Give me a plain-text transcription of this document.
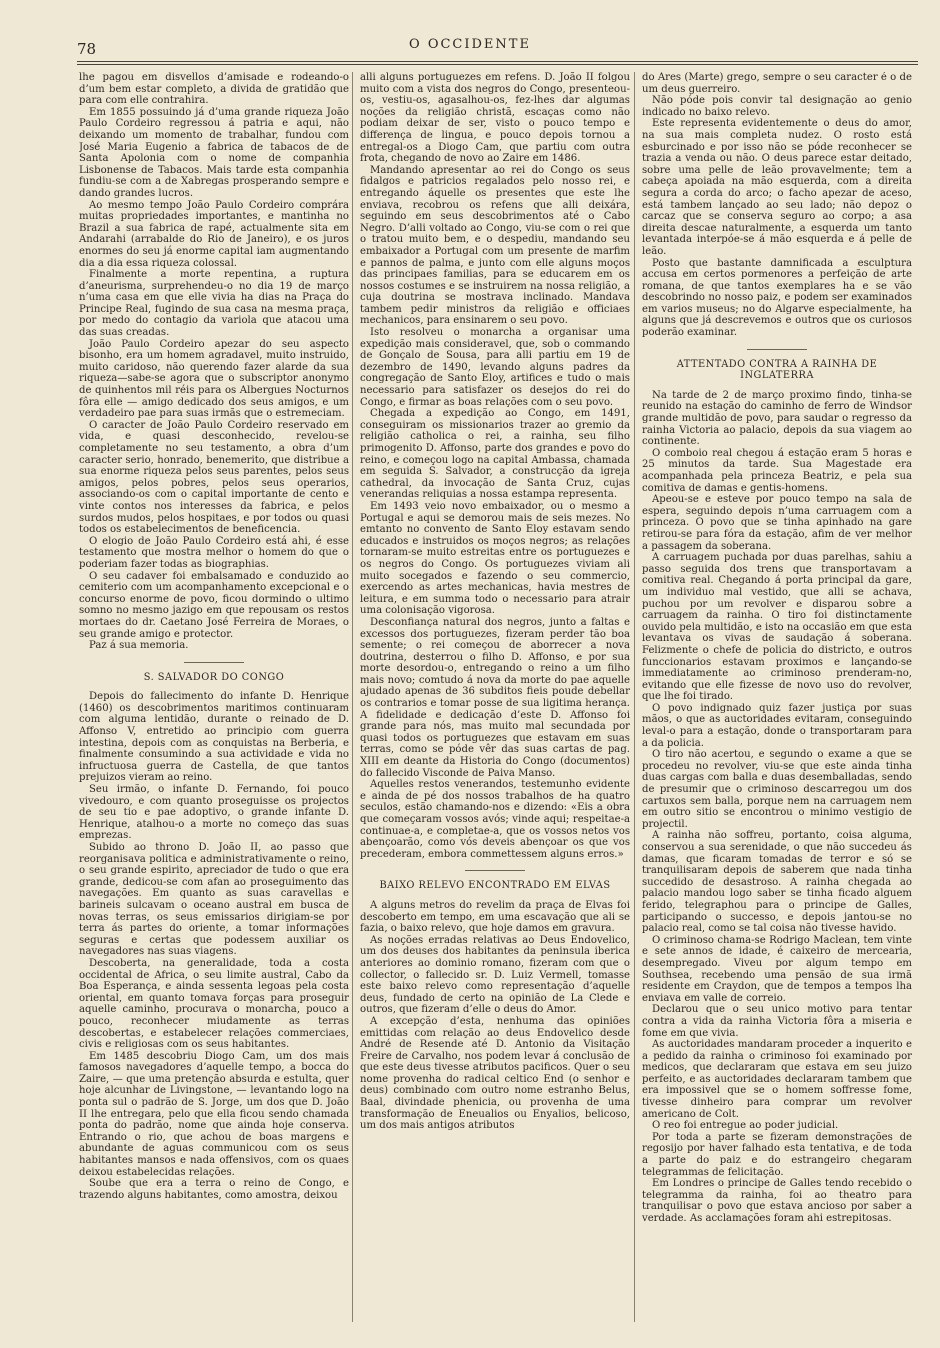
78	O OCCIDENTE

lhe pagou em disvellos d’amisade e rodeando-o d’um bem estar completo, a divida de gratidão que para com elle contrahira.

Em 1855 possuindo já d’uma grande riqueza João Paulo Cordeiro regressou á patria e aqui, não deixando um momento de trabalhar, fundou com José Maria Eugenio a fabrica de tabacos de de Santa Apolonia com o nome de companhia Lisbonense de Tabacos. Mais tarde esta companhia fundiu-se com a de Xabregas prosperando sempre e dando grandes lucros.

Ao mesmo tempo João Paulo Cordeiro comprára muitas propriedades importantes, e mantinha no Brazil a sua fabrica de rapé, actualmente sita em Andarahi (arrabalde do Rio de Janeiro), e os juros enormes do seu já enorme capital iam augmentando dia a dia essa riqueza colossal.

Finalmente a morte repentina, a ruptura d’aneurisma, surprehendeu-o no dia 19 de março n’uma casa em que elle vivia ha dias na Praça do Principe Real, fugindo de sua casa na mesma praça, por medo do contagio da variola que atacou uma das suas creadas.

João Paulo Cordeiro apezar do seu aspecto bisonho, era um homem agradavel, muito instruido, muito caridoso, não querendo fazer alarde da sua riqueza—sabe-se agora que o subscriptor anonymo de quinhentos mil réis para os Albergues Nocturnos fôra elle — amigo dedicado dos seus amigos, e um verdadeiro pae para suas irmãs que o estremeciam.

O caracter de João Paulo Cordeiro reservado em vida, e quasi desconhecido, revelou-se completamente no seu testamento, a obra d’um caracter serio, honrado, benemerito, que distribue a sua enorme riqueza pelos seus parentes, pelos seus amigos, pelos pobres, pelos seus operarios, associando-os com o capital importante de cento e vinte contos nos interesses da fabrica, e pelos surdos mudos, pelos hospitaes, e por todos ou quasi todos os estabelecimentos de beneficencia.

O elogio de João Paulo Cordeiro está ahi, é esse testamento que mostra melhor o homem do que o poderiam fazer todas as biographias.

O seu cadaver foi embalsamado e conduzido ao cemiterio com um acompanhamento excepcional e o concurso enorme de povo, ficou dormindo o ultimo somno no mesmo jazigo em que repousam os restos mortaes do dr. Caetano José Ferreira de Moraes, o seu grande amigo e protector.

Paz á sua memoria.

S. SALVADOR DO CONGO

Depois do fallecimento do infante D. Henrique (1460) os descobrimentos maritimos continuaram com alguma lentidão, durante o reinado de D. Affonso V, entretido ao principio com guerra intestina, depois com as conquistas na Berberia, e finalmente consumindo a sua actividade e vida no infructuosa guerra de Castella, de que tantos prejuizos vieram ao reino.

Seu irmão, o infante D. Fernando, foi pouco vivedouro, e com quanto proseguisse os projectos de seu tio e pae adoptivo, o grande infante D. Henrique, atalhou-o a morte no começo das suas emprezas.

Subido ao throno D. João II, ao passo que reorganisava politica e administrativamente o reino, o seu grande espirito, apreciador de tudo o que era grande, dedicou-se com afan ao proseguimento das navegações. Em quanto as suas caravellas e barineis sulcavam o oceano austral em busca de novas terras, os seus emissarios dirigiam-se por terra ás partes do oriente, a tomar informações seguras e certas que podessem auxiliar os navegadores nas suas viagens.

Descoberta, na generalidade, toda a costa occidental de Africa, o seu limite austral, Cabo da Boa Esperança, e ainda sessenta legoas pela costa oriental, em quanto tomava forças para proseguir aquelle caminho, procurava o monarcha, pouco a pouco, reconhecer miudamente as terras descobertas, e estabelecer relações commerciaes, civis e religiosas com os seus habitantes.

Em 1485 descobriu Diogo Cam, um dos mais famosos navegadores d’aquelle tempo, a bocca do Zaire, — que uma pretenção absurda e estulta, quer hoje alcunhar de Livingstone, — levantando logo na ponta sul o padrão de S. Jorge, um dos que D. João II lhe entregara, pelo que ella ficou sendo chamada ponta do padrão, nome que ainda hoje conserva. Entrando o rio, que achou de boas margens e abundante de aguas communicou com os seus habitantes mansos e nada offensivos, com os quaes deixou estabelecidas relações.

Soube que era a terra o reino de Congo, e trazendo alguns habitantes, como amostra, deixou

alli alguns portuguezes em refens. D. João II folgou muito com a vista dos negros do Congo, presenteou-os, vestiu-os, agasalhou-os, fez-lhes dar algumas noções da religião christã, escaças como não podiam deixar de ser, visto o pouco tempo e differença de lingua, e pouco depois tornou a entregal-os a Diogo Cam, que partiu com outra frota, chegando de novo ao Zaire em 1486.

Mandando apresentar ao rei do Congo os seus fidalgos e patricios regalados pelo nosso rei, e entregando áquelle os presentes que este lhe enviava, recobrou os refens que alli deixára, seguindo em seus descobrimentos até o Cabo Negro. D’alli voltado ao Congo, viu-se com o rei que o tratou muito bem, e o despediu, mandando seu embaixador a Portugal com um presente de marfim e pannos de palma, e junto com elle alguns moços das principaes familias, para se educarem em os nossos costumes e se instruirem na nossa religião, a cuja doutrina se mostrava inclinado. Mandava tambem pedir ministros da religião e officiaes mechanicos, para ensinarem o seu povo.

Isto resolveu o monarcha a organisar uma expedição mais consideravel, que, sob o commando de Gonçalo de Sousa, para alli partiu em 19 de dezembro de 1490, levando alguns padres da congregação de Santo Eloy, artifices e tudo o mais necessario para satisfazer os desejos do rei do Congo, e firmar as boas relações com o seu povo.

Chegada a expedição ao Congo, em 1491, conseguiram os missionarios trazer ao gremio da religião catholica o rei, a rainha, seu filho primogenito D. Affonso, parte dos grandes e povo do reino, e começou logo na capital Ambassa, chamada em seguida S. Salvador, a construcção da igreja cathedral, da invocação de Santa Cruz, cujas venerandas reliquias a nossa estampa representa.

Em 1493 veio novo embaixador, ou o mesmo a Portugal e aqui se demorou mais de seis mezes. No emtanto no convento de Santo Eloy estavam sendo educados e instruidos os moços negros; as relações tornaram-se muito estreitas entre os portuguezes e os negros do Congo. Os portuguezes viviam ali muito socegados e fazendo o seu commercio, exercendo as artes mechanicas, havia mestres de leitura, e em summa todo o necessario para atrair uma colonisação vigorosa.

Desconfiança natural dos negros, junto a faltas e excessos dos portuguezes, fizeram perder tão boa semente; o rei começou de aborrecer a nova doutrina, desterrou o filho D. Affonso, e por sua morte desordou-o, entregando o reino a um filho mais novo; comtudo á nova da morte do pae aquelle ajudado apenas de 36 subditos fieis poude debellar os contrarios e tomar posse de sua ligitima herança. A fidelidade e dedicação d’este D. Affonso foi grande para nós, mas muito mal secundada por quasi todos os portuguezes que estavam em suas terras, como se póde vêr das suas cartas de pag. XIII em deante da Historia do Congo (documentos) do fallecido Visconde de Paiva Manso.

Aquelles restos venerandos, testemunho evidente e ainda de pé dos nossos trabalhos de ha quatro seculos, estão chamando-nos e dizendo: «Eis a obra que começaram vossos avós; vinde aqui; respeitae-a continuae-a, e completae-a, que os vossos netos vos abençoarão, como vós deveis abençoar os que vos precederam, embora commettessem alguns erros.»

BAIXO RELEVO ENCONTRADO EM ELVAS

A alguns metros do revelim da praça de Elvas foi descoberto em tempo, em uma escavação que ali se fazia, o baixo relevo, que hoje damos em gravura.

As noções erradas relativas ao Deus Endovelico, um dos deuses dos habitantes da peninsula iberica anteriores ao dominio romano, fizeram com que o collector, o fallecido sr. D. Luiz Vermell, tomasse este baixo relevo como representação d’aquelle deus, fundado de certo na opinião de La Clede e outros, que fizeram d’elle o deus do Amor.

A excepção d’esta, nenhuma das opiniões emittidas com relação ao deus Endovelico desde André de Resende até D. Antonio da Visitação Freire de Carvalho, nos podem levar á conclusão de que este deus tivesse atributos pacificos. Quer o seu nome provenha do radical celtico End (o senhor e deus) combinado com outro nome estranho Belus, Baal, divindade phenicia, ou provenha de uma transformação de Eneualios ou Enyalios, belicoso, um dos mais antigos atributos

do Ares (Marte) grego, sempre o seu caracter é o de um deus guerreiro.

Não póde pois convir tal designação ao genio indicado no baixo relevo.

Este representa evidentemente o deus do amor, na sua mais completa nudez. O rosto está esburcinado e por isso não se póde reconhecer se trazia a venda ou não. O deus parece estar deitado, sobre uma pelle de leão provavelmente; tem a cabeça apoiada na mão esquerda, com a direita segura a corda do arco; o facho apezar de aceso, está tambem lançado ao seu lado; não depoz o carcaz que se conserva seguro ao corpo; a asa direita descae naturalmente, a esquerda um tanto levantada interpóe-se á mão esquerda e á pelle de leão.

Posto que bastante damnificada a esculptura accusa em certos pormenores a perfeição de arte romana, de que tantos exemplares ha e se vão descobrindo no nosso paiz, e podem ser examinados em varios museus; no do Algarve especialmente, ha alguns que já descrevemos e outros que os curiosos poderão examinar.

ATTENTADO CONTRA A RAINHA DE INGLATERRA

Na tarde de 2 de março proximo findo, tinha-se reunido na estação do caminho de ferro de Windsor grande multidão de povo, para saudar o regresso da rainha Victoria ao palacio, depois da sua viagem ao continente.

O comboio real chegou á estação eram 5 horas e 25 minutos da tarde. Sua Magestade era acompanhada pela princeza Beatriz, e pela sua comitiva de damas e gentis-homens.

Apeou-se e esteve por pouco tempo na sala de espera, seguindo depois n’uma carruagem com a princeza. O povo que se tinha apinhado na gare retirou-se para fóra da estação, afim de ver melhor a passagem da soberana.

A carruagem puchada por duas parelhas, sahiu a passo seguida dos trens que transportavam a comitiva real. Chegando á porta principal da gare, um individuo mal vestido, que alli se achava, puchou por um revolver e disparou sobre a carruagem da rainha. O tiro foi distinctamente ouvido pela multidão, e isto na occasião em que esta levantava os vivas de saudação á soberana. Felizmente o chefe de policia do districto, e outros funccionarios estavam proximos e lançando-se immediatamente ao criminoso prenderam-no, evitando que elle fizesse de novo uso do revolver, que lhe foi tirado.

O povo indignado quiz fazer justiça por suas mãos, o que as auctoridades evitaram, conseguindo leval-o para a estação, donde o transportaram para a da policia.

O tiro não acertou, e segundo o exame a que se procedeu no revolver, viu-se que este ainda tinha duas cargas com balla e duas desemballadas, sendo de presumir que o criminoso descarregou um dos cartuxos sem balla, porque nem na carruagem nem em outro sitio se encontrou o minimo vestigio de projectil.

A rainha não soffreu, portanto, coisa alguma, conservou a sua serenidade, o que não succedeu ás damas, que ficaram tomadas de terror e só se tranquilisaram depois de saberem que nada tinha succedido de desastroso. A rainha chegada ao palacio mandou logo saber se tinha ficado alguem ferido, telegraphou para o principe de Galles, participando o successo, e depois jantou-se no palacio real, como se tal coisa não tivesse havido.

O criminoso chama-se Rodrigo Maclean, tem vinte e sete annos de idade, é caixeiro de mercearia, desempregado. Viveu por algum tempo em Southsea, recebendo uma pensão de sua irmã residente em Craydon, que de tempos a tempos lha enviava em valle de correio.

Declarou que o seu unico motivo para tentar contra a vida da rainha Victoria fôra a miseria e fome em que vivia.

As auctoridades mandaram proceder a inquerito e a pedido da rainha o criminoso foi examinado por medicos, que declararam que estava em seu juizo perfeito, e as auctoridades declararam tambem que era impossivel que se o homem soffresse fome, tivesse dinheiro para comprar um revolver americano de Colt.

O reo foi entregue ao poder judicial.

Por toda a parte se fizeram demonstrações de regosijo por haver falhado esta tentativa, e de toda a parte do paiz e do estrangeiro chegaram telegrammas de felicitação.

Em Londres o principe de Galles tendo recebido o telegramma da rainha, foi ao theatro para tranquilisar o povo que estava ancioso por saber a verdade. As acclamações foram ahi estrepitosas.
